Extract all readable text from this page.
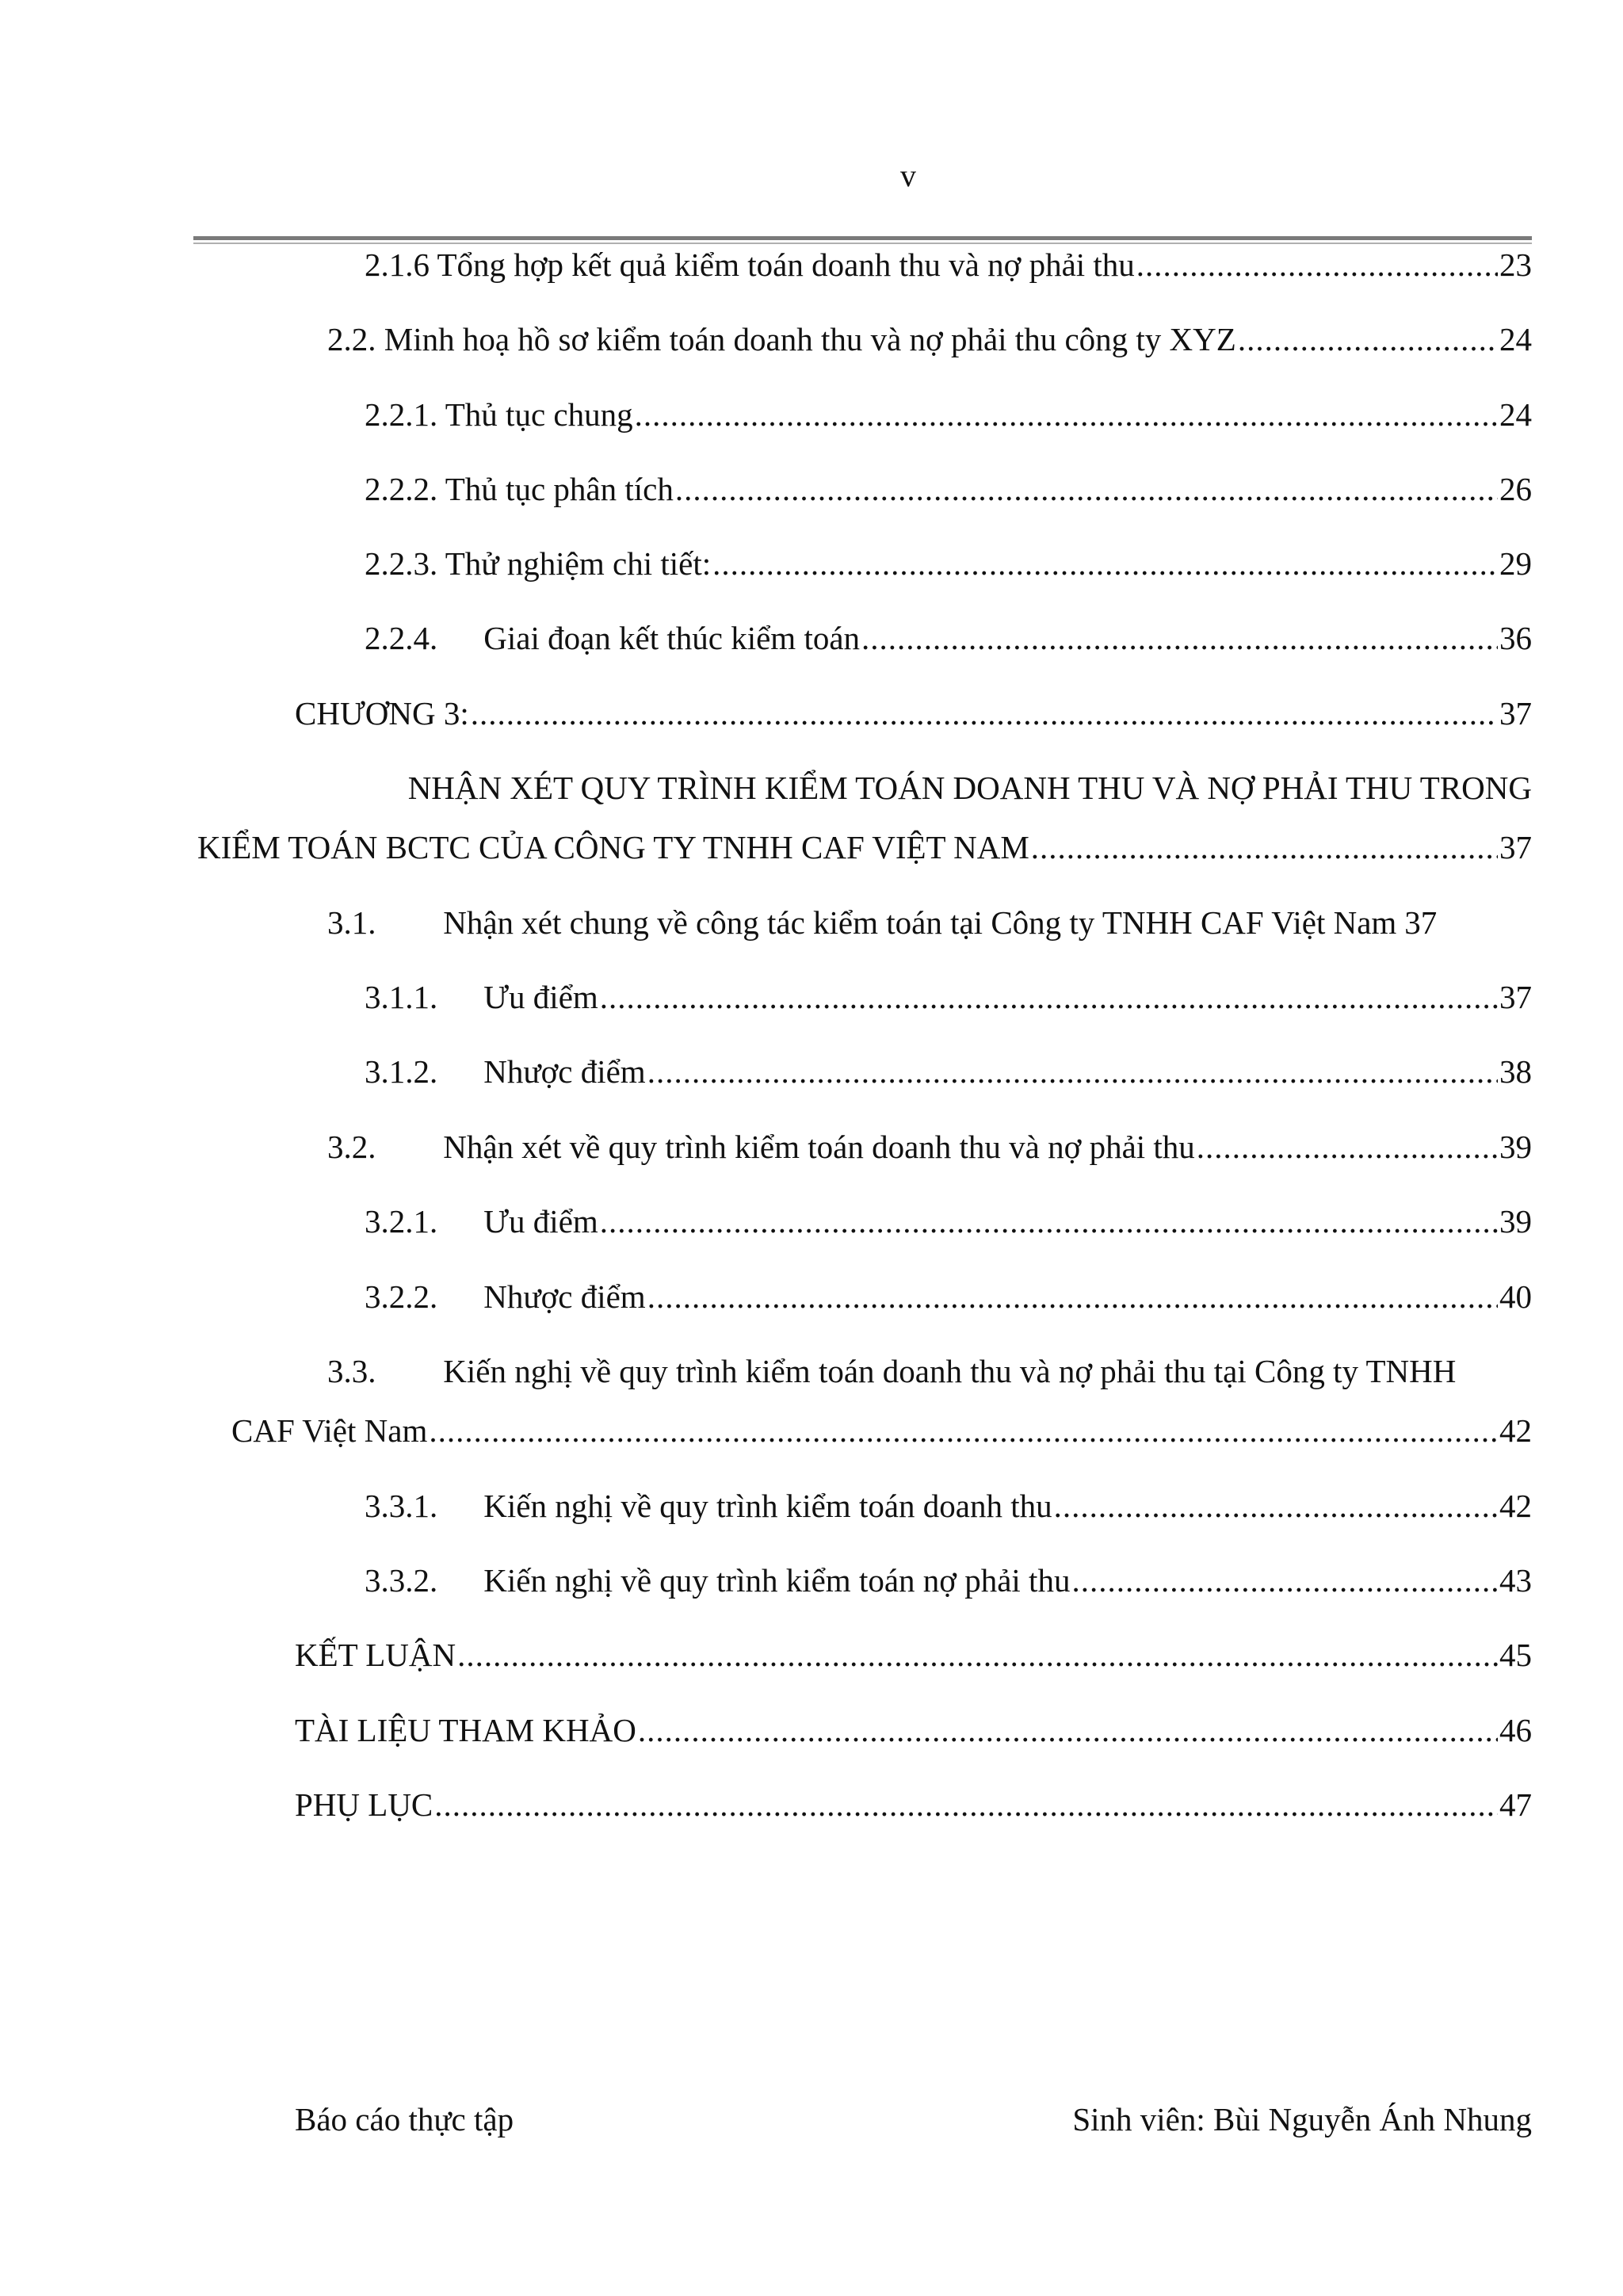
v
2.1.6 Tổng hợp kết quả kiểm toán doanh thu và nợ phải thu .....	23
2.2. Minh hoạ hồ sơ kiểm toán doanh thu và nợ phải thu công ty XYZ .....	24
2.2.1. Thủ tục chung .....	24
2.2.2. Thủ tục phân tích .....	26
2.2.3. Thử nghiệm chi tiết: .....	29
2.2.4. Giai đoạn kết thúc kiểm toán .....	36
CHƯƠNG 3: .....	37
NHẬN XÉT QUY TRÌNH KIỂM TOÁN DOANH THU VÀ NỢ PHẢI THU TRONG
KIỂM TOÁN BCTC CỦA CÔNG TY TNHH CAF VIỆT NAM .....	37
3.1. Nhận xét chung về công tác kiểm toán tại Công ty TNHH CAF Việt Nam 37
3.1.1. Ưu điểm .....	37
3.1.2. Nhược điểm .....	38
3.2. Nhận xét về quy trình kiểm toán doanh thu và nợ phải thu .....	39
3.2.1. Ưu điểm .....	39
3.2.2. Nhược điểm .....	40
3.3. Kiến nghị về quy trình kiểm toán doanh thu và nợ phải thu tại Công ty TNHH
CAF Việt Nam .....	42
3.3.1. Kiến nghị về quy trình kiểm toán doanh thu .....	42
3.3.2. Kiến nghị về quy trình kiểm toán nợ phải thu .....	43
KẾT LUẬN .....	45
TÀI LIỆU THAM KHẢO .....	46
PHỤ LỤC .....	47
Báo cáo thực tập	Sinh viên: Bùi Nguyễn Ánh Nhung
